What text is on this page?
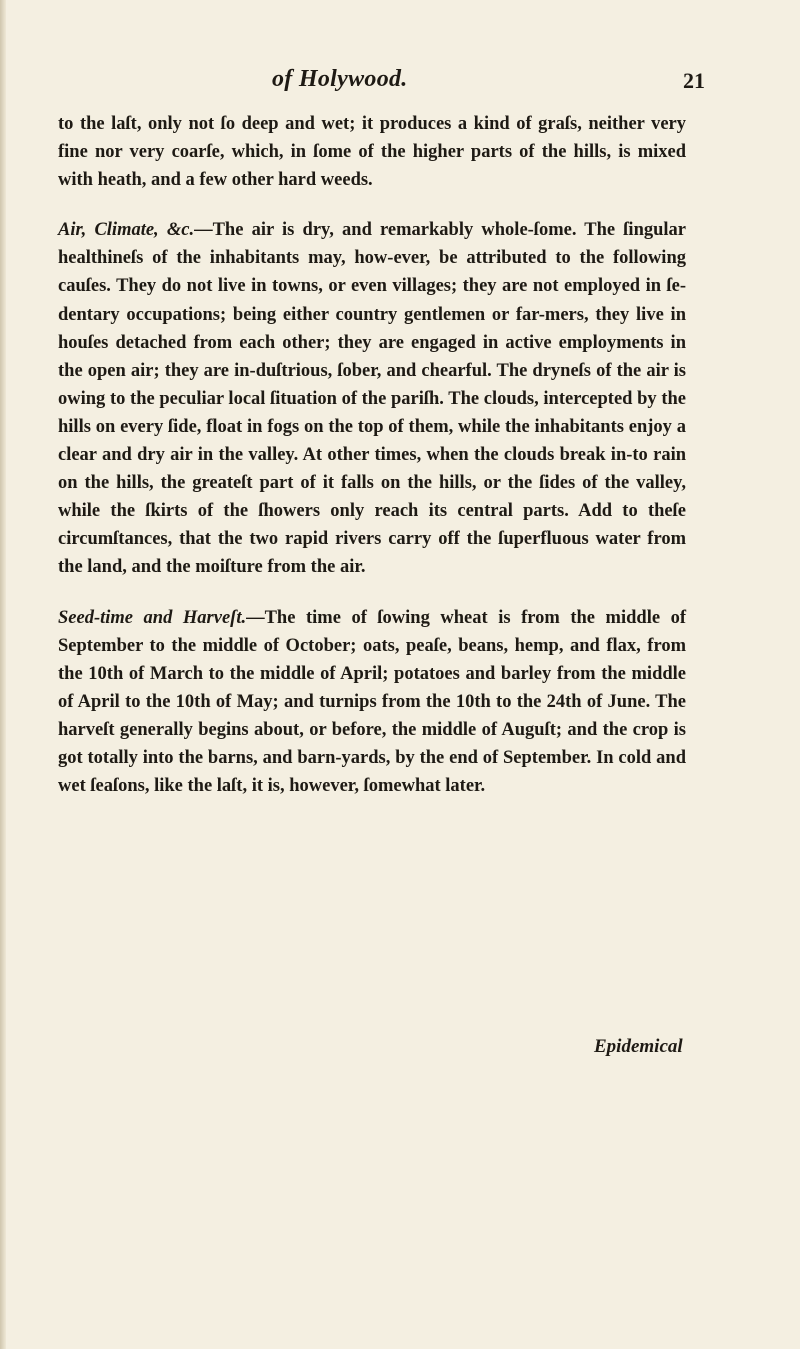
of Holywood.	21

to the laſt, only not ſo deep and wet; it produces a kind of graſs, neither very fine nor very coarſe, which, in ſome of the higher parts of the hills, is mixed with heath, and a few other hard weeds.

Air, Climate, &c.—The air is dry, and remarkably whole-ſome. The ſingular healthineſs of the inhabitants may, how-ever, be attributed to the following cauſes. They do not live in towns, or even villages; they are not employed in ſe-dentary occupations; being either country gentlemen or far-mers, they live in houſes detached from each other; they are engaged in active employments in the open air; they are in-duſtrious, ſober, and chearful. The dryneſs of the air is owing to the peculiar local ſituation of the pariſh. The clouds, intercepted by the hills on every ſide, float in fogs on the top of them, while the inhabitants enjoy a clear and dry air in the valley. At other times, when the clouds break in-to rain on the hills, the greateſt part of it falls on the hills, or the ſides of the valley, while the ſkirts of the ſhowers only reach its central parts. Add to theſe circumſtances, that the two rapid rivers carry off the ſuperfluous water from the land, and the moiſture from the air.

Seed-time and Harveſt.—The time of ſowing wheat is from the middle of September to the middle of October; oats, peaſe, beans, hemp, and flax, from the 10th of March to the middle of April; potatoes and barley from the middle of April to the 10th of May; and turnips from the 10th to the 24th of June. The harveſt generally begins about, or before, the middle of Auguſt; and the crop is got totally into the barns, and barn-yards, by the end of September. In cold and wet ſeaſons, like the laſt, it is, however, ſomewhat later.

Epidemical
